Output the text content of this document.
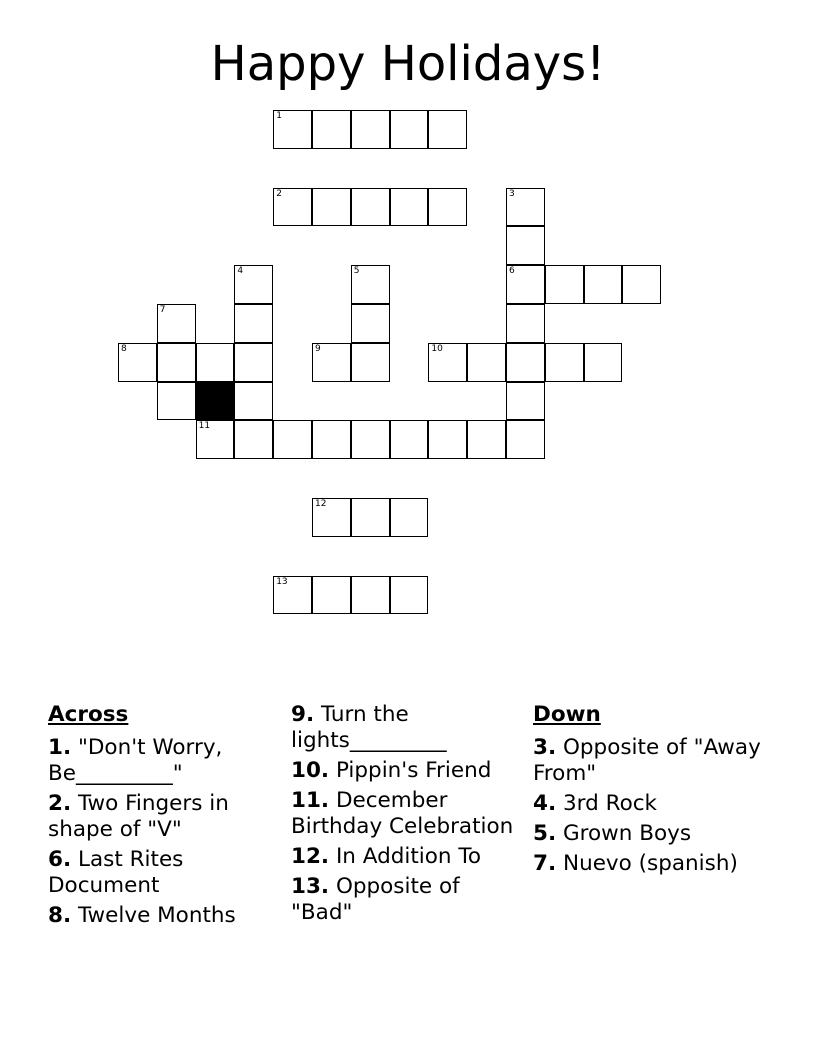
Happy Holidays!
1
2	3
4	5	6
7
8	9	10
11
12
13
Across
1. "Don't Worry, Be_________"
2. Two Fingers in shape of "V"
6. Last Rites Document
8. Twelve Months
9. Turn the lights_________
10. Pippin's Friend
11. December Birthday Celebration
12. In Addition To
13. Opposite of "Bad"
Down
3. Opposite of "Away From"
4. 3rd Rock
5. Grown Boys
7. Nuevo (spanish)
